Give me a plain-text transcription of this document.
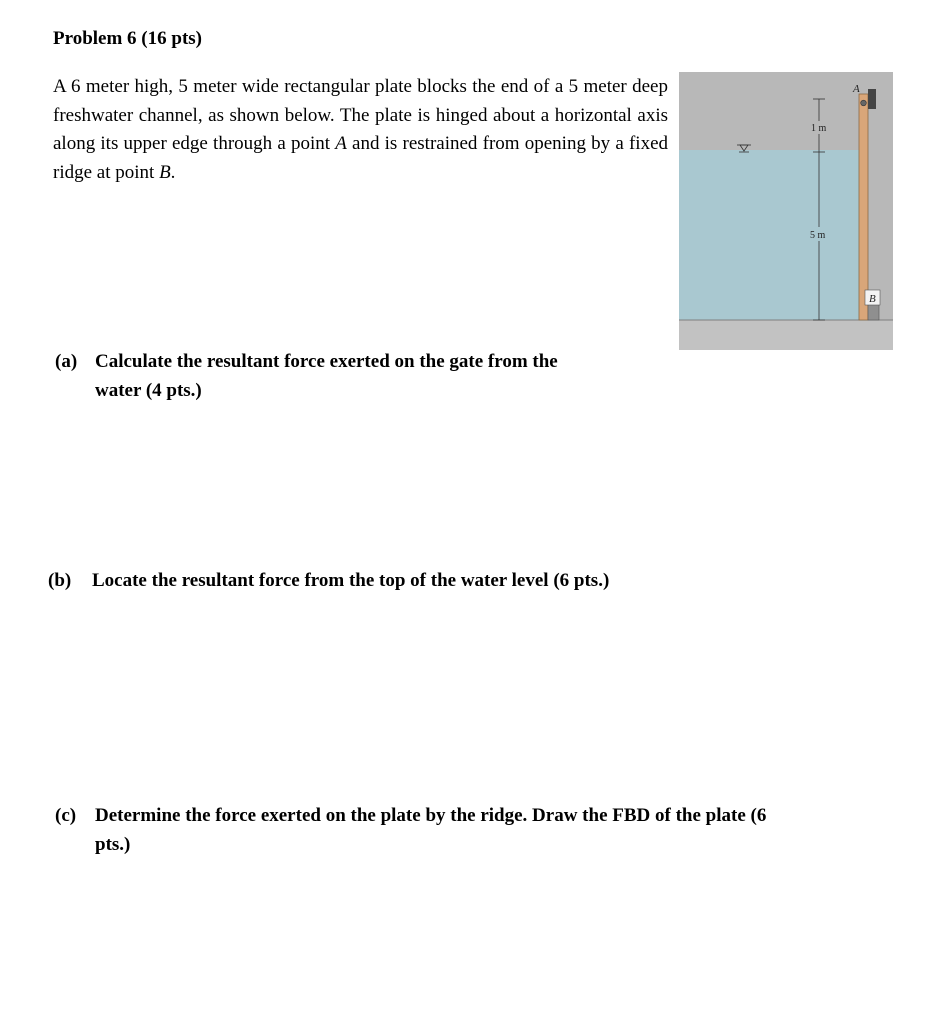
Problem 6 (16 pts)

A 6 meter high, 5 meter wide rectangular plate blocks the end of a 5 meter deep freshwater channel, as shown below. The plate is hinged about a horizontal axis along its upper edge through a point A and is restrained from opening by a fixed ridge at point B.

A
B
1 m
5 m
(a) Calculate the resultant force exerted on the gate from the
water (4 pts.)
(b) Locate the resultant force from the top of the water level (6 pts.)
(c) Determine the force exerted on the plate by the ridge. Draw the FBD of the plate (6
pts.)
